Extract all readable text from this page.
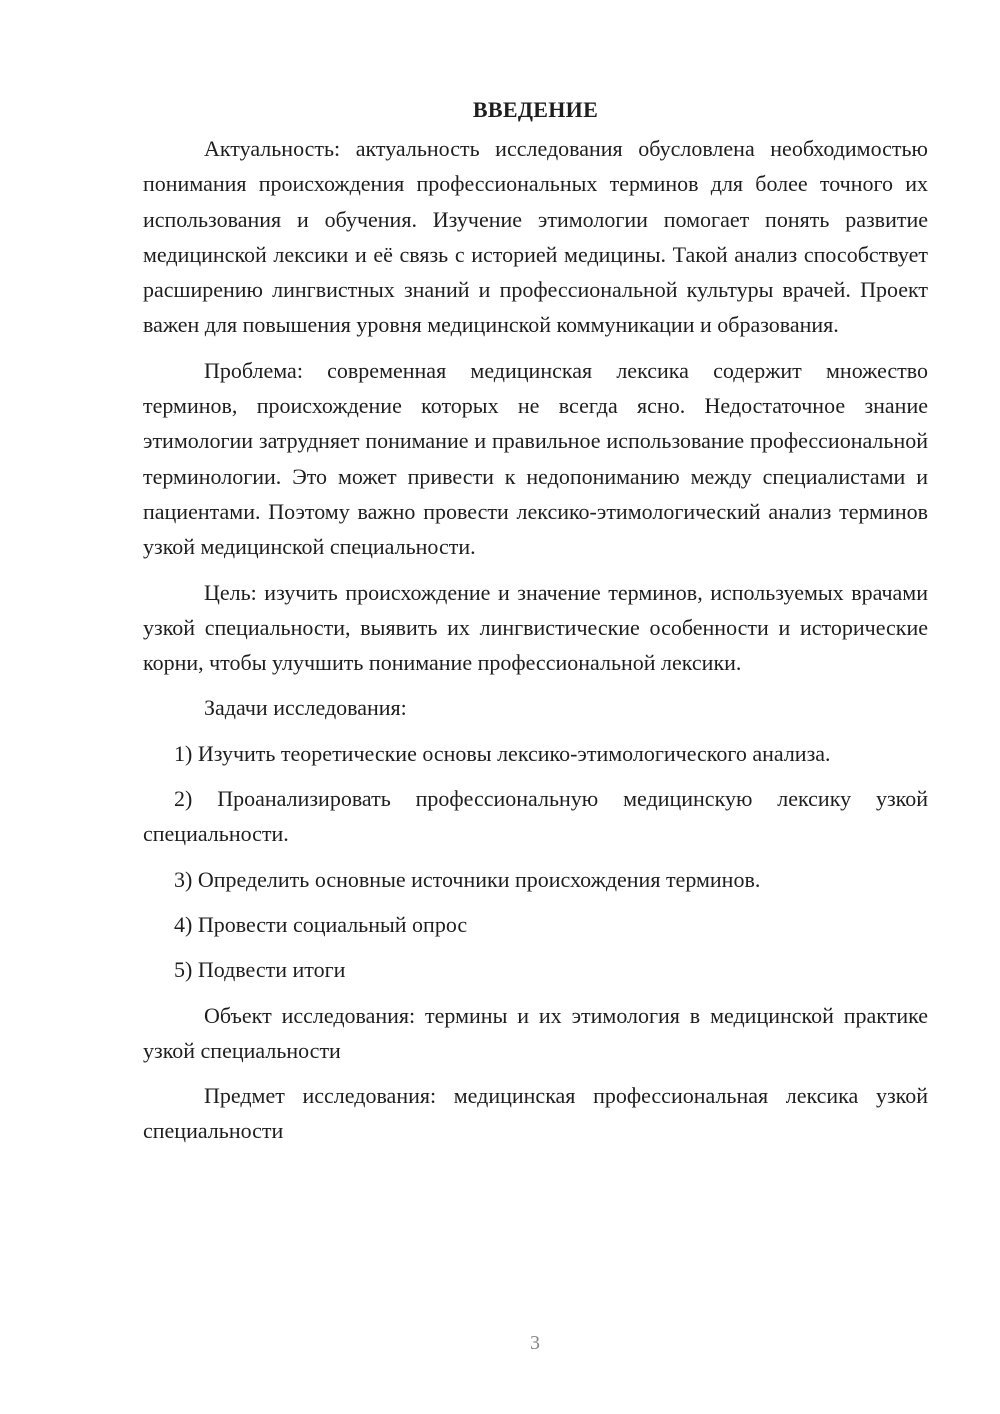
ВВЕДЕНИЕ

Актуальность: актуальность исследования обусловлена необходимостью понимания происхождения профессиональных терминов для более точного их использования и обучения. Изучение этимологии помогает понять развитие медицинской лексики и её связь с историей медицины. Такой анализ способствует расширению лингвистных знаний и профессиональной культуры врачей. Проект важен для повышения уровня медицинской коммуникации и образования.

Проблема: современная медицинская лексика содержит множество терминов, происхождение которых не всегда ясно. Недостаточное знание этимологии затрудняет понимание и правильное использование профессиональной терминологии. Это может привести к недопониманию между специалистами и пациентами. Поэтому важно провести лексико-этимологический анализ терминов узкой медицинской специальности.

Цель: изучить происхождение и значение терминов, используемых врачами узкой специальности, выявить их лингвистические особенности и исторические корни, чтобы улучшить понимание профессиональной лексики.

Задачи исследования:

1) Изучить теоретические основы лексико-этимологического анализа.

2) Проанализировать профессиональную медицинскую лексику узкой специальности.

3) Определить основные источники происхождения терминов.

4) Провести социальный опрос

5) Подвести итоги

Объект исследования: термины и их этимология в медицинской практике узкой специальности

Предмет исследования: медицинская профессиональная лексика узкой специальности

3
